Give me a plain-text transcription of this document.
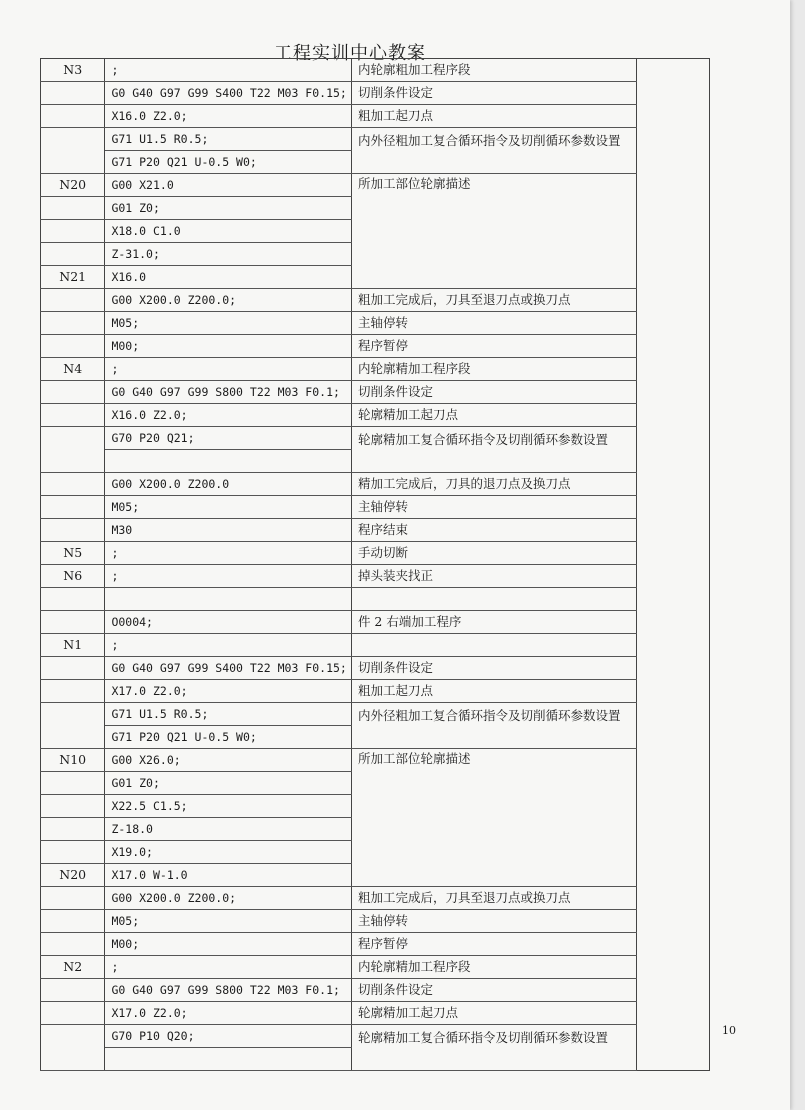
工程实训中心教案
N3	;	内轮廓粗加工程序段	
	G0 G40 G97 G99 S400 T22 M03 F0.15;	切削条件设定	
	X16.0 Z2.0;	粗加工起刀点	
	G71 U1.5 R0.5;	内外径粗加工复合循环指令及切削循环参数设置	
	G71 P20 Q21 U-0.5 W0;		
N20	G00 X21.0	所加工部位轮廓描述	
	G01 Z0;		
	X18.0 C1.0		
	Z-31.0;		
N21	X16.0		
	G00 X200.0 Z200.0;	粗加工完成后，刀具至退刀点或换刀点	
	M05;	主轴停转	
	M00;	程序暂停	
N4	;	内轮廓精加工程序段	
	G0 G40 G97 G99 S800 T22 M03 F0.1;	切削条件设定	
	X16.0 Z2.0;	轮廓精加工起刀点	
	G70 P20 Q21;	轮廓精加工复合循环指令及切削循环参数设置	

	G00 X200.0 Z200.0	精加工完成后，刀具的退刀点及换刀点	
	M05;	主轴停转	
	M30	程序结束	
N5	;	手动切断	
N6	;	掉头装夹找正	

	O0004;	件 2 右端加工程序	
N1	;		
	G0 G40 G97 G99 S400 T22 M03 F0.15;	切削条件设定	
	X17.0 Z2.0;	粗加工起刀点	
	G71 U1.5 R0.5;	内外径粗加工复合循环指令及切削循环参数设置	
	G71 P20 Q21 U-0.5 W0;		
N10	G00 X26.0;	所加工部位轮廓描述	
	G01 Z0;		
	X22.5 C1.5;		
	Z-18.0		
	X19.0;		
N20	X17.0 W-1.0		
	G00 X200.0 Z200.0;	粗加工完成后，刀具至退刀点或换刀点	
	M05;	主轴停转	
	M00;	程序暂停	
N2	;	内轮廓精加工程序段	
	G0 G40 G97 G99 S800 T22 M03 F0.1;	切削条件设定	
	X17.0 Z2.0;	轮廓精加工起刀点	
	G70 P10 Q20;	轮廓精加工复合循环指令及切削循环参数设置	
		10
